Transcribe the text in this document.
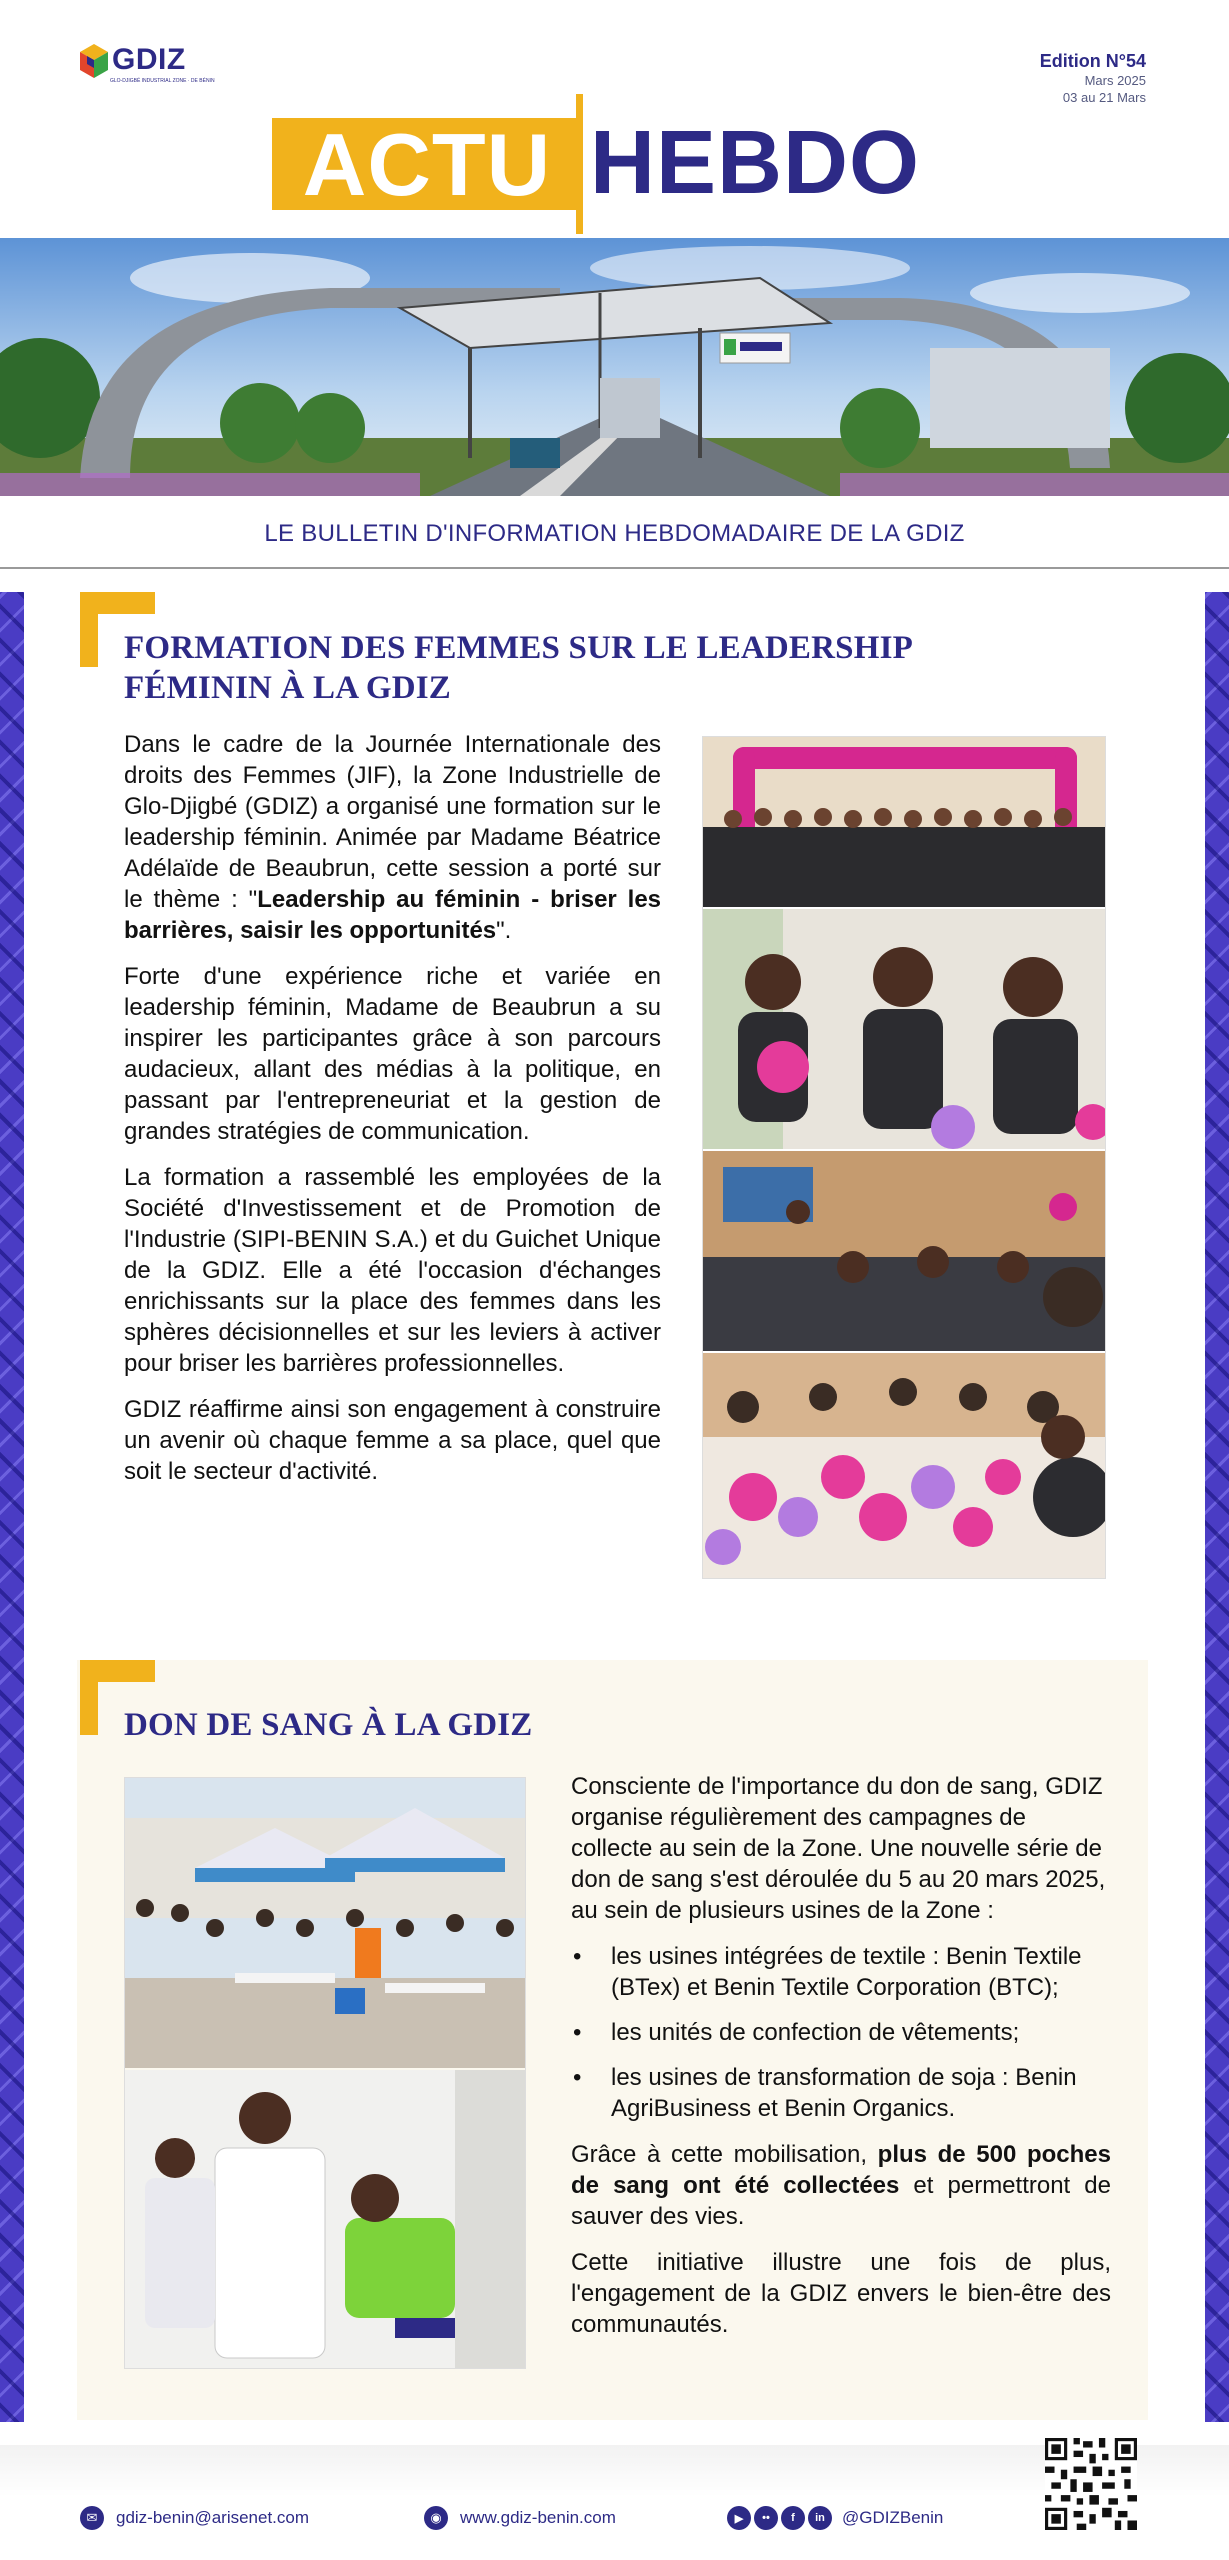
GDIZ
GLO-DJIGBÉ INDUSTRIAL ZONE · DE BÉNIN
Edition N°54
Mars 2025
03 au 21 Mars
ACTU HEBDO
LE BULLETIN D'INFORMATION HEBDOMADAIRE DE LA GDIZ
FORMATION DES FEMMES SUR LE LEADERSHIP FÉMININ À LA GDIZ

Dans le cadre de la Journée Internationale des droits des Femmes (JIF), la Zone Industrielle de Glo-Djigbé (GDIZ) a organisé une formation sur le leadership féminin. Animée par Madame Béatrice Adélaïde de Beaubrun, cette session a porté sur le thème : "Leadership au féminin - briser les barrières, saisir les opportunités".

Forte d'une expérience riche et variée en leadership féminin, Madame de Beaubrun a su inspirer les participantes grâce à son parcours audacieux, allant des médias à la politique, en passant par l'entrepreneuriat et la gestion de grandes stratégies de communication.

La formation a rassemblé les employées de la Société d'Investissement et de Promotion de l'Industrie (SIPI-BENIN S.A.) et du Guichet Unique de la GDIZ. Elle a été l'occasion d'échanges enrichissants sur la place des femmes dans les sphères décisionnelles et sur les leviers à activer pour briser les barrières professionnelles.

GDIZ réaffirme ainsi son engagement à construire un avenir où chaque femme a sa place, quel que soit le secteur d'activité.

DON DE SANG À LA GDIZ

Consciente de l'importance du don de sang, GDIZ organise régulièrement des campagnes de collecte au sein de la Zone. Une nouvelle série de don de sang s'est déroulée du 5 au 20 mars 2025, au sein de plusieurs usines de la Zone :

• les usines intégrées de textile : Benin Textile (BTex) et Benin Textile Corporation (BTC);
• les unités de confection de vêtements;
• les usines de transformation de soja : Benin AgriBusiness et Benin Organics.

Grâce à cette mobilisation, plus de 500 poches de sang ont été collectées et permettront de sauver des vies.

Cette initiative illustre une fois de plus, l'engagement de la GDIZ envers le bien-être des communautés.

✉	gdiz-benin@arisenet.com	◉	www.gdiz-benin.com	▶	••	f	in	@GDIZBenin
